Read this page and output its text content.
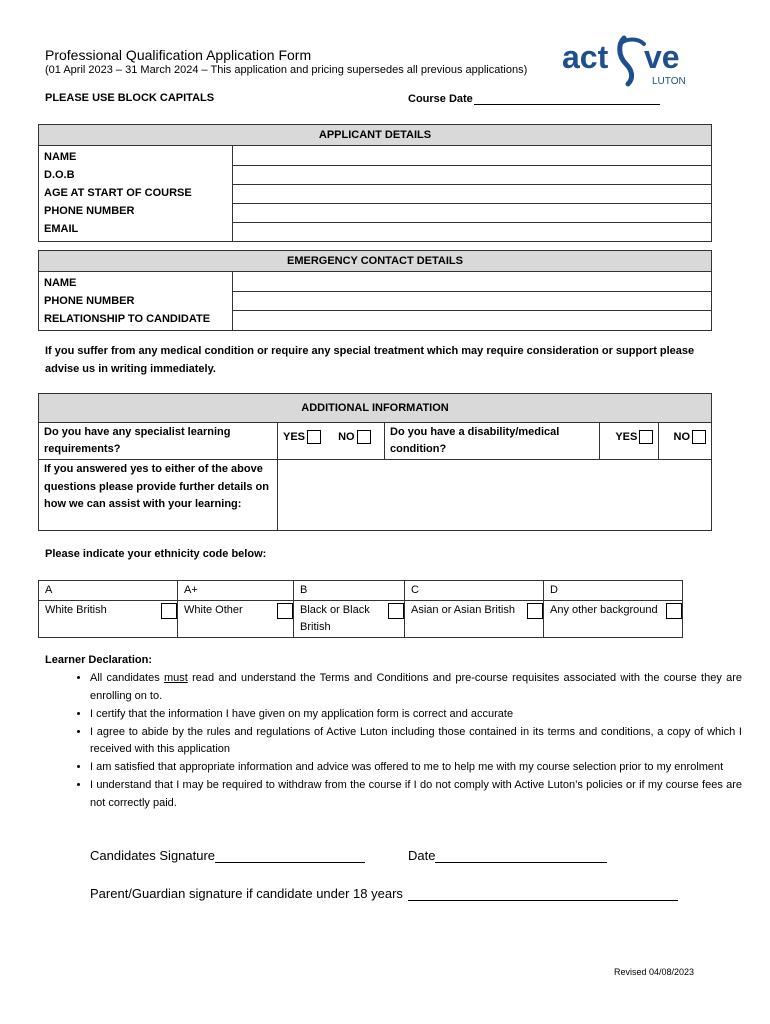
Professional Qualification Application Form
(01 April 2023 – 31 March 2024 – This application and pricing supersedes all previous applications) act ve
LUTON
PLEASE USE BLOCK CAPITALS	Course Date
APPLICANT DETAILS

NAME
D.O.B
AGE AT START OF COURSE
PHONE NUMBER
EMAIL

EMERGENCY CONTACT DETAILS

NAME
PHONE NUMBER
RELATIONSHIP TO CANDIDATE

If you suffer from any medical condition or require any special treatment which may require consideration or support please advise us in writing immediately.
ADDITIONAL INFORMATION				
Do you have any specialist learning requirements?	YES NO	Do you have a disability/medical condition?	YES	NO
If you answered yes to either of the above questions please provide further details on how we can assist with your learning:				
Please indicate your ethnicity code below:
A		A+		B		C		D	
White British		White Other		Black or Black British		Asian or Asian British		Any other background	
Learner Declaration:
• All candidates must read and understand the Terms and Conditions and pre-course requisites associated with the course they are enrolling on to.
• I certify that the information I have given on my application form is correct and accurate
• I agree to abide by the rules and regulations of Active Luton including those contained in its terms and conditions, a copy of which I received with this application
• I am satisfied that appropriate information and advice was offered to me to help me with my course selection prior to my enrolment
• I understand that I may be required to withdraw from the course if I do not comply with Active Luton’s policies or if my course fees are not correctly paid.
Candidates Signature	Date
Parent/Guardian signature if candidate under 18 years
Revised 04/08/2023
